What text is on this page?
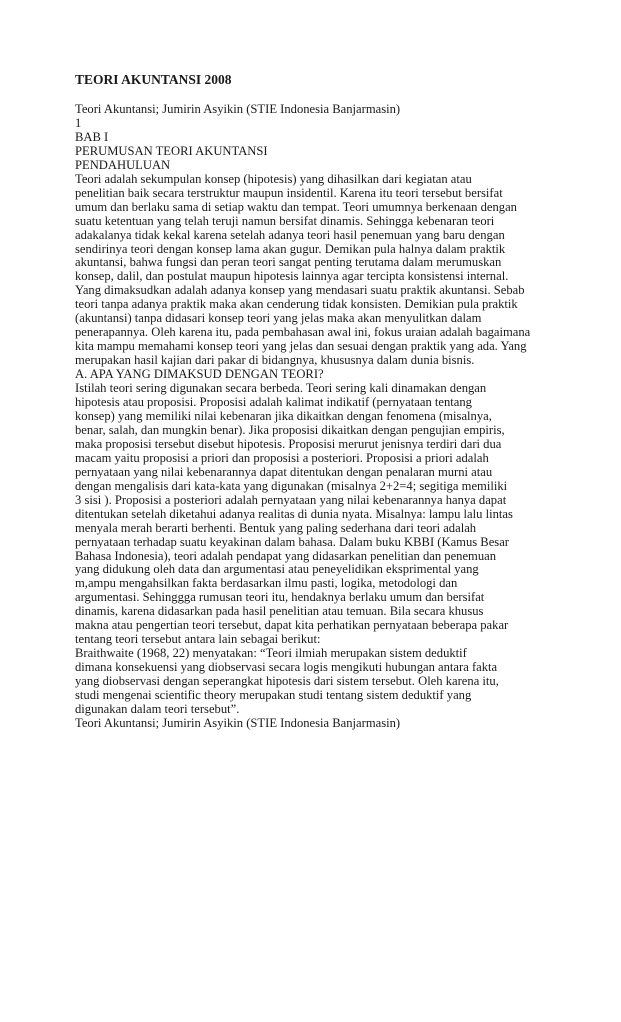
TEORI AKUNTANSI 2008
Teori Akuntansi; Jumirin Asyikin (STIE Indonesia Banjarmasin)
1
BAB I
PERUMUSAN TEORI AKUNTANSI
PENDAHULUAN
Teori adalah sekumpulan konsep (hipotesis) yang dihasilkan dari kegiatan atau
penelitian baik secara terstruktur maupun insidentil. Karena itu teori tersebut bersifat
umum dan berlaku sama di setiap waktu dan tempat. Teori umumnya berkenaan dengan
suatu ketentuan yang telah teruji namun bersifat dinamis. Sehingga kebenaran teori
adakalanya tidak kekal karena setelah adanya teori hasil penemuan yang baru dengan
sendirinya teori dengan konsep lama akan gugur. Demikan pula halnya dalam praktik
akuntansi, bahwa fungsi dan peran teori sangat penting terutama dalam merumuskan
konsep, dalil, dan postulat maupun hipotesis lainnya agar tercipta konsistensi internal.
Yang dimaksudkan adalah adanya konsep yang mendasari suatu praktik akuntansi. Sebab
teori tanpa adanya praktik maka akan cenderung tidak konsisten. Demikian pula praktik
(akuntansi) tanpa didasari konsep teori yang jelas maka akan menyulitkan dalam
penerapannya. Oleh karena itu, pada pembahasan awal ini, fokus uraian adalah bagaimana
kita mampu memahami konsep teori yang jelas dan sesuai dengan praktik yang ada. Yang
merupakan hasil kajian dari pakar di bidangnya, khususnya dalam dunia bisnis.
A. APA YANG DIMAKSUD DENGAN TEORI?
Istilah teori sering digunakan secara berbeda. Teori sering kali dinamakan dengan
hipotesis atau proposisi. Proposisi adalah kalimat indikatif (pernyataan tentang
konsep) yang memiliki nilai kebenaran jika dikaitkan dengan fenomena (misalnya,
benar, salah, dan mungkin benar). Jika proposisi dikaitkan dengan pengujian empiris,
maka proposisi tersebut disebut hipotesis. Proposisi merurut jenisnya terdiri dari dua
macam yaitu proposisi a priori dan proposisi a posteriori. Proposisi a priori adalah
pernyataan yang nilai kebenarannya dapat ditentukan dengan penalaran murni atau
dengan mengalisis dari kata-kata yang digunakan (misalnya 2+2=4; segitiga memiliki
3 sisi ). Proposisi a posteriori adalah pernyataan yang nilai kebenarannya hanya dapat
ditentukan setelah diketahui adanya realitas di dunia nyata. Misalnya: lampu lalu lintas
menyala merah berarti berhenti. Bentuk yang paling sederhana dari teori adalah
pernyataan terhadap suatu keyakinan dalam bahasa. Dalam buku KBBI (Kamus Besar
Bahasa Indonesia), teori adalah pendapat yang didasarkan penelitian dan penemuan
yang didukung oleh data dan argumentasi atau peneyelidikan eksprimental yang
m,ampu mengahsilkan fakta berdasarkan ilmu pasti, logika, metodologi dan
argumentasi. Sehinggga rumusan teori itu, hendaknya berlaku umum dan bersifat
dinamis, karena didasarkan pada hasil penelitian atau temuan. Bila secara khusus
makna atau pengertian teori tersebut, dapat kita perhatikan pernyataan beberapa pakar
tentang teori tersebut antara lain sebagai berikut:
Braithwaite (1968, 22) menyatakan: “Teori ilmiah merupakan sistem deduktif
dimana konsekuensi yang diobservasi secara logis mengikuti hubungan antara fakta
yang diobservasi dengan seperangkat hipotesis dari sistem tersebut. Oleh karena itu,
studi mengenai scientific theory merupakan studi tentang sistem deduktif yang
digunakan dalam teori tersebut”.
Teori Akuntansi; Jumirin Asyikin (STIE Indonesia Banjarmasin)
